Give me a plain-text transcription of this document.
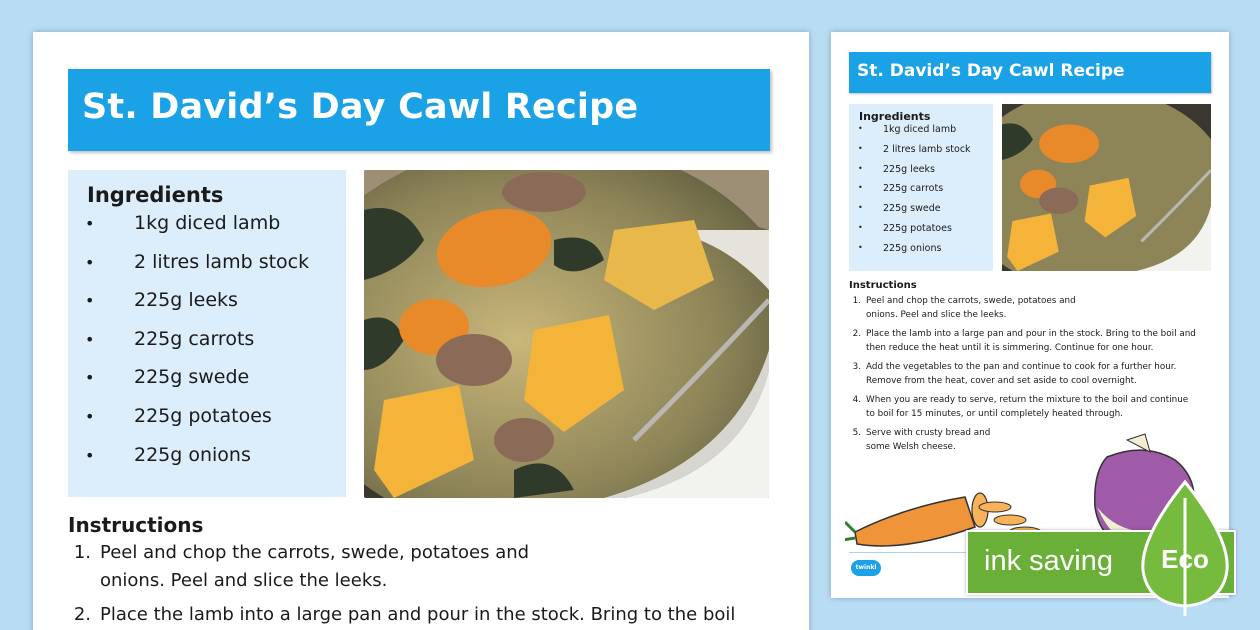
St. David’s Day Cawl Recipe
Ingredients
•	1kg diced lamb
•	2 litres lamb stock
•	225g leeks
•	225g carrots
•	225g swede
•	225g potatoes
•	225g onions
Instructions
1. Peel and chop the carrots, swede, potatoes and onions. Peel and slice the leeks.
2. Place the lamb into a large pan and pour in the stock. Bring to the boil
St. David’s Day Cawl Recipe
Ingredients
•	1kg diced lamb
•	2 litres lamb stock
•	225g leeks
•	225g carrots
•	225g swede
•	225g potatoes
•	225g onions
Instructions
1. Peel and chop the carrots, swede, potatoes and onions. Peel and slice the leeks.
2. Place the lamb into a large pan and pour in the stock. Bring to the boil and then reduce the heat until it is simmering. Continue for one hour.
3. Add the vegetables to the pan and continue to cook for a further hour. Remove from the heat, cover and set aside to cool overnight.
4. When you are ready to serve, return the mixture to the boil and continue to boil for 15 minutes, or until completely heated through.
5. Serve with crusty bread and some Welsh cheese.
twinkl	ink saving	Eco
